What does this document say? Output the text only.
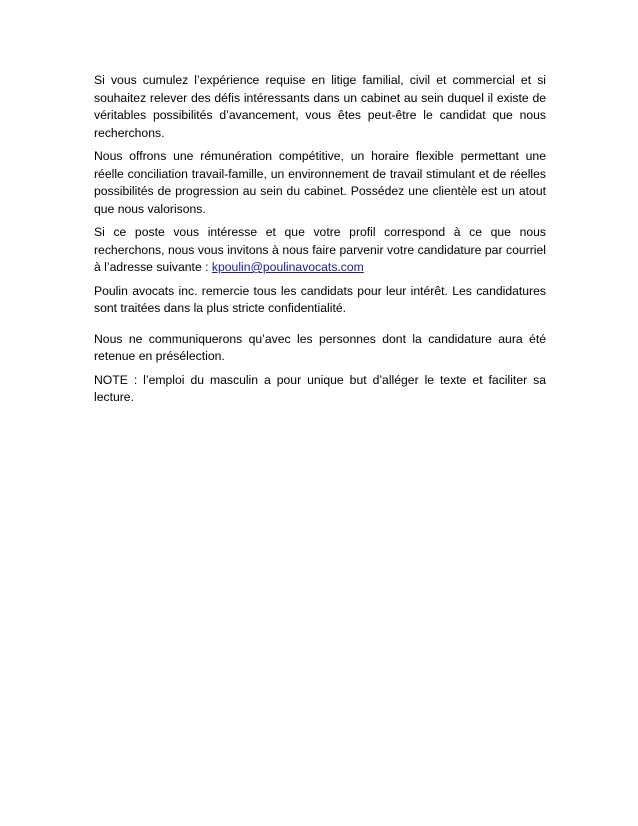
Si vous cumulez l’expérience requise en litige familial, civil et commercial et si souhaitez relever des défis intéressants dans un cabinet au sein duquel il existe de véritables possibilités d’avancement, vous êtes peut-être le candidat que nous recherchons.

Nous offrons une rémunération compétitive, un horaire flexible permettant une réelle conciliation travail-famille, un environnement de travail stimulant et de réelles possibilités de progression au sein du cabinet. Possédez une clientèle est un atout que nous valorisons.

Si ce poste vous intéresse et que votre profil correspond à ce que nous recherchons, nous vous invitons à nous faire parvenir votre candidature par courriel à l’adresse suivante : kpoulin@poulinavocats.com

Poulin avocats inc. remercie tous les candidats pour leur intérêt. Les candidatures sont traitées dans la plus stricte confidentialité.

Nous ne communiquerons qu’avec les personnes dont la candidature aura été retenue en présélection.

NOTE : l’emploi du masculin a pour unique but d’alléger le texte et faciliter sa lecture.
